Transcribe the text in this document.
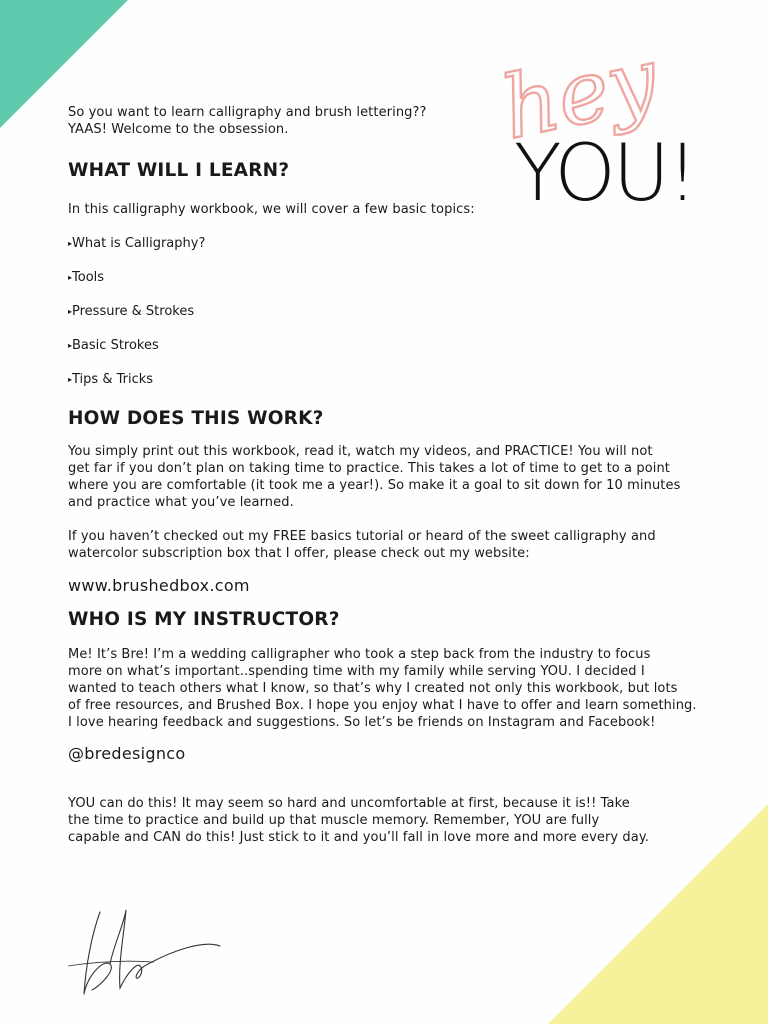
hey
YOU!

So you want to learn calligraphy and brush lettering??

YAAS! Welcome to the obsession.

WHAT WILL I LEARN?

In this calligraphy workbook, we will cover a few basic topics:

▸What is Calligraphy?

▸Tools

▸Pressure & Strokes

▸Basic Strokes

▸Tips & Tricks

HOW DOES THIS WORK?

You simply print out this workbook, read it, watch my videos, and PRACTICE! You will not

get far if you don’t plan on taking time to practice. This takes a lot of time to get to a point

where you are comfortable (it took me a year!). So make it a goal to sit down for 10 minutes

and practice what you’ve learned.

If you haven’t checked out my FREE basics tutorial or heard of the sweet calligraphy and

watercolor subscription box that I offer, please check out my website:

www.brushedbox.com

WHO IS MY INSTRUCTOR?

Me! It’s Bre! I’m a wedding calligrapher who took a step back from the industry to focus

more on what’s important..spending time with my family while serving YOU. I decided I

wanted to teach others what I know, so that’s why I created not only this workbook, but lots

of free resources, and Brushed Box. I hope you enjoy what I have to offer and learn something.

I love hearing feedback and suggestions. So let’s be friends on Instagram and Facebook!

@bredesignco

YOU can do this! It may seem so hard and uncomfortable at first, because it is!! Take

the time to practice and build up that muscle memory. Remember, YOU are fully

capable and CAN do this! Just stick to it and you’ll fall in love more and more every day.
